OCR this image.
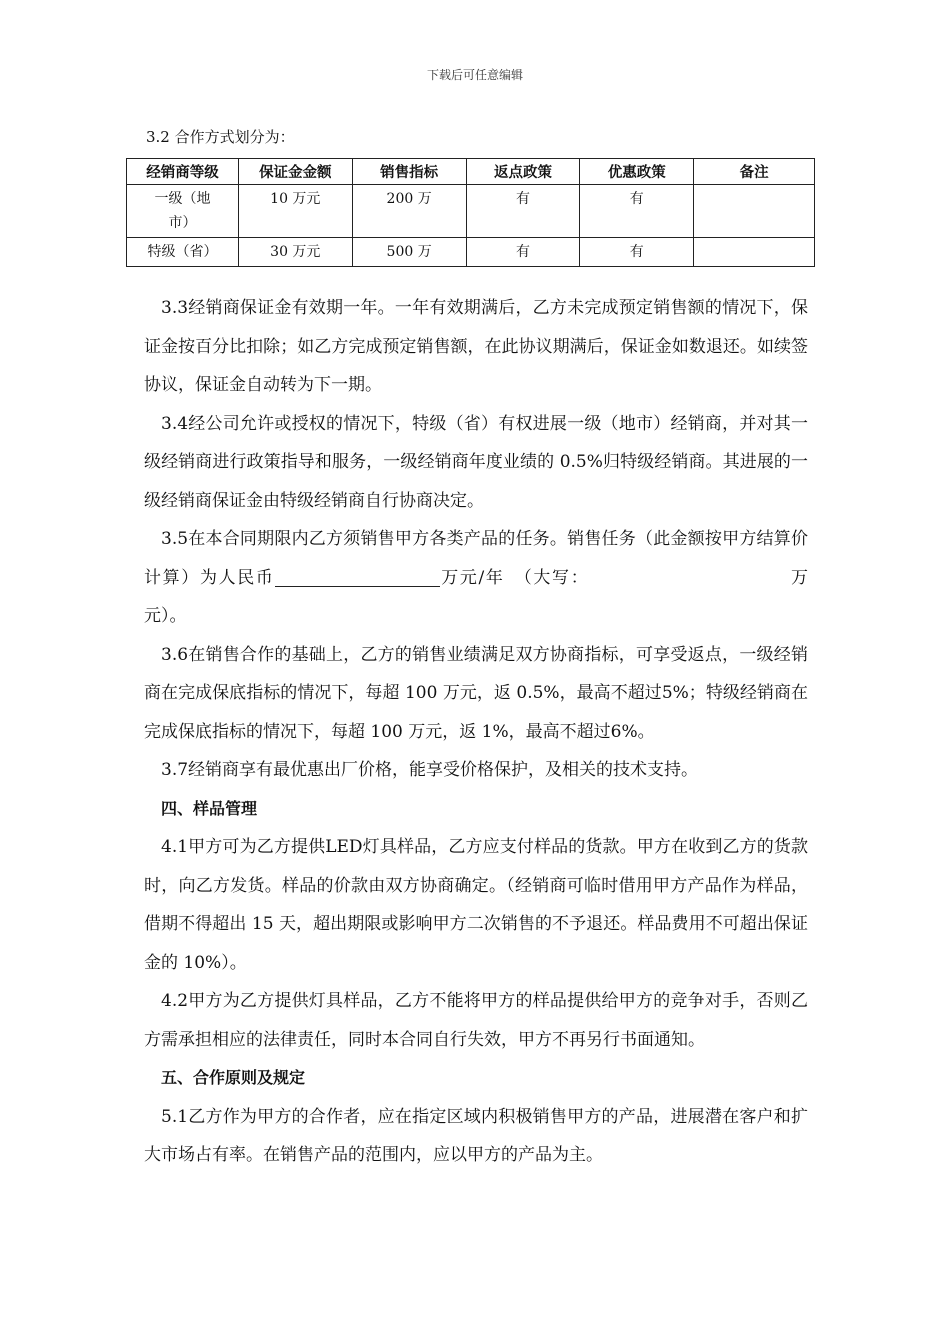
下载后可任意编辑
3.2 合作方式划分为：
经销商等级	保证金金额	销售指标	返点政策	优惠政策	备注
一级（地市）	10 万元	200 万	有	有	
特级（省）	30 万元	500 万	有	有	

3.3经销商保证金有效期一年。一年有效期满后，乙方未完成预定销售额的情况下，保证金按百分比扣除；如乙方完成预定销售额，在此协议期满后，保证金如数退还。如续签协议，保证金自动转为下一期。

3.4经公司允许或授权的情况下，特级（省）有权进展一级（地市）经销商，并对其一级经销商进行政策指导和服务，一级经销商年度业绩的 0.5%归特级经销商。其进展的一级经销商保证金由特级经销商自行协商决定。

3.5在本合同期限内乙方须销售甲方各类产品的任务。销售任务（此金额按甲方结算价计算）为人民币	万元/年　（大写：	万元）。

3.6在销售合作的基础上，乙方的销售业绩满足双方协商指标，可享受返点，一级经销商在完成保底指标的情况下，每超 100 万元，返 0.5%，最高不超过5%；特级经销商在完成保底指标的情况下，每超 100 万元，返 1%，最高不超过6%。

3.7经销商享有最优惠出厂价格，能享受价格保护，及相关的技术支持。

四、样品管理

4.1甲方可为乙方提供LED灯具样品，乙方应支付样品的货款。甲方在收到乙方的货款时，向乙方发货。样品的价款由双方协商确定。（经销商可临时借用甲方产品作为样品，借期不得超出 15 天，超出期限或影响甲方二次销售的不予退还。样品费用不可超出保证金的 10%）。

4.2甲方为乙方提供灯具样品，乙方不能将甲方的样品提供给甲方的竞争对手，否则乙方需承担相应的法律责任，同时本合同自行失效，甲方不再另行书面通知。

五、合作原则及规定

5.1乙方作为甲方的合作者，应在指定区域内积极销售甲方的产品，进展潜在客户和扩大市场占有率。在销售产品的范围内，应以甲方的产品为主。
